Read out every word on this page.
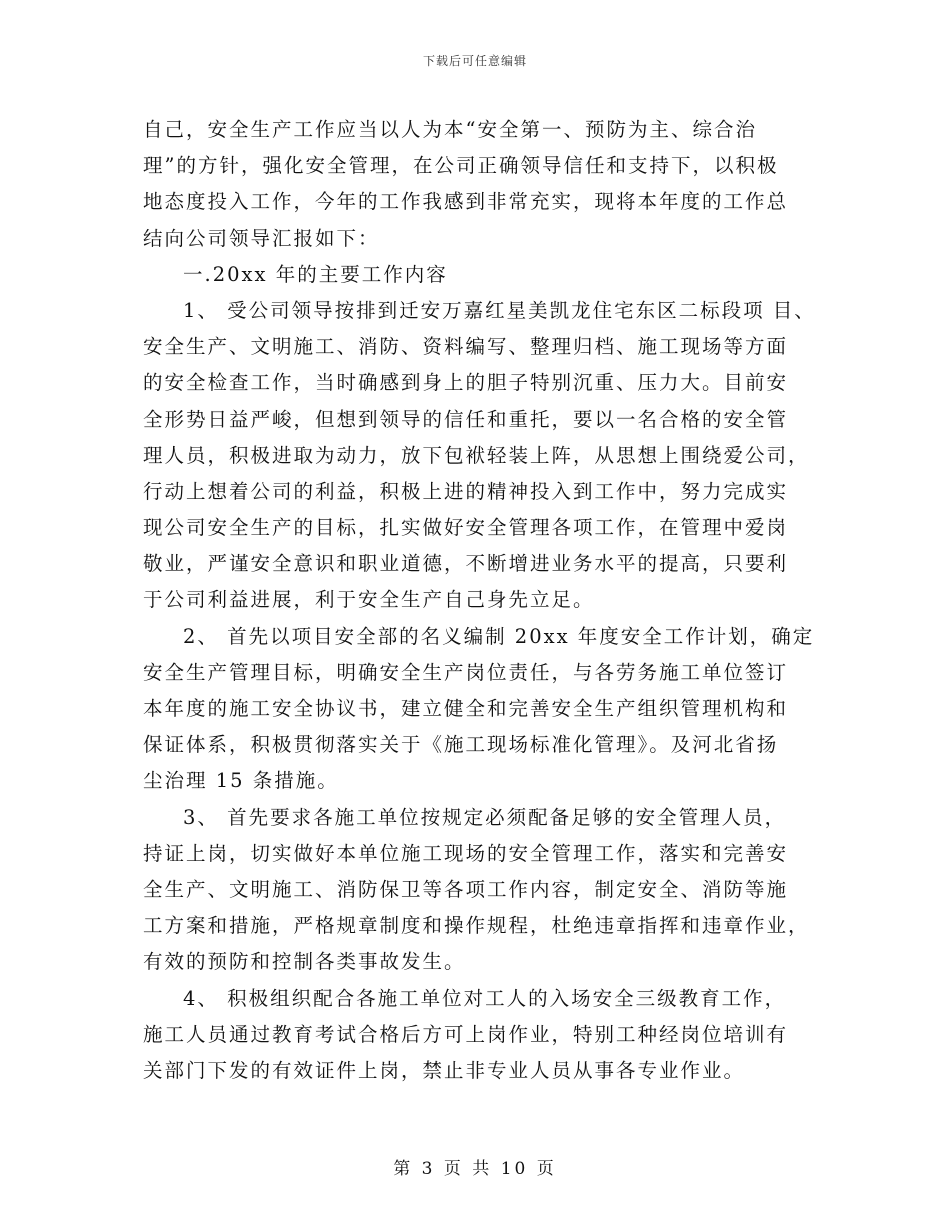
下载后可任意编辑
自己，安全生产工作应当以人为本“安全第一、预防为主、综合治
理”的方针，强化安全管理，在公司正确领导信任和支持下，以积极
地态度投入工作，今年的工作我感到非常充实，现将本年度的工作总
结向公司领导汇报如下：
一.20xx 年的主要工作内容
1、 受公司领导按排到迁安万嘉红星美凯龙住宅东区二标段项 目、
安全生产、文明施工、消防、资料编写、整理归档、施工现场等方面
的安全检查工作，当时确感到身上的胆子特别沉重、压力大。目前安
全形势日益严峻，但想到领导的信任和重托，要以一名合格的安全管
理人员，积极进取为动力，放下包袱轻装上阵，从思想上围绕爱公司，
行动上想着公司的利益，积极上进的精神投入到工作中，努力完成实
现公司安全生产的目标，扎实做好安全管理各项工作，在管理中爱岗
敬业，严谨安全意识和职业道德，不断增进业务水平的提高，只要利
于公司利益进展，利于安全生产自己身先立足。
2、 首先以项目安全部的名义编制 20xx 年度安全工作计划，确定
安全生产管理目标，明确安全生产岗位责任，与各劳务施工单位签订
本年度的施工安全协议书，建立健全和完善安全生产组织管理机构和
保证体系，积极贯彻落实关于《施工现场标准化管理》。及河北省扬
尘治理 15 条措施。
3、 首先要求各施工单位按规定必须配备足够的安全管理人员，
持证上岗，切实做好本单位施工现场的安全管理工作，落实和完善安
全生产、文明施工、消防保卫等各项工作内容，制定安全、消防等施
工方案和措施，严格规章制度和操作规程，杜绝违章指挥和违章作业，
有效的预防和控制各类事故发生。
4、 积极组织配合各施工单位对工人的入场安全三级教育工作，
施工人员通过教育考试合格后方可上岗作业，特别工种经岗位培训有
关部门下发的有效证件上岗，禁止非专业人员从事各专业作业。
第 3 页 共 10 页
